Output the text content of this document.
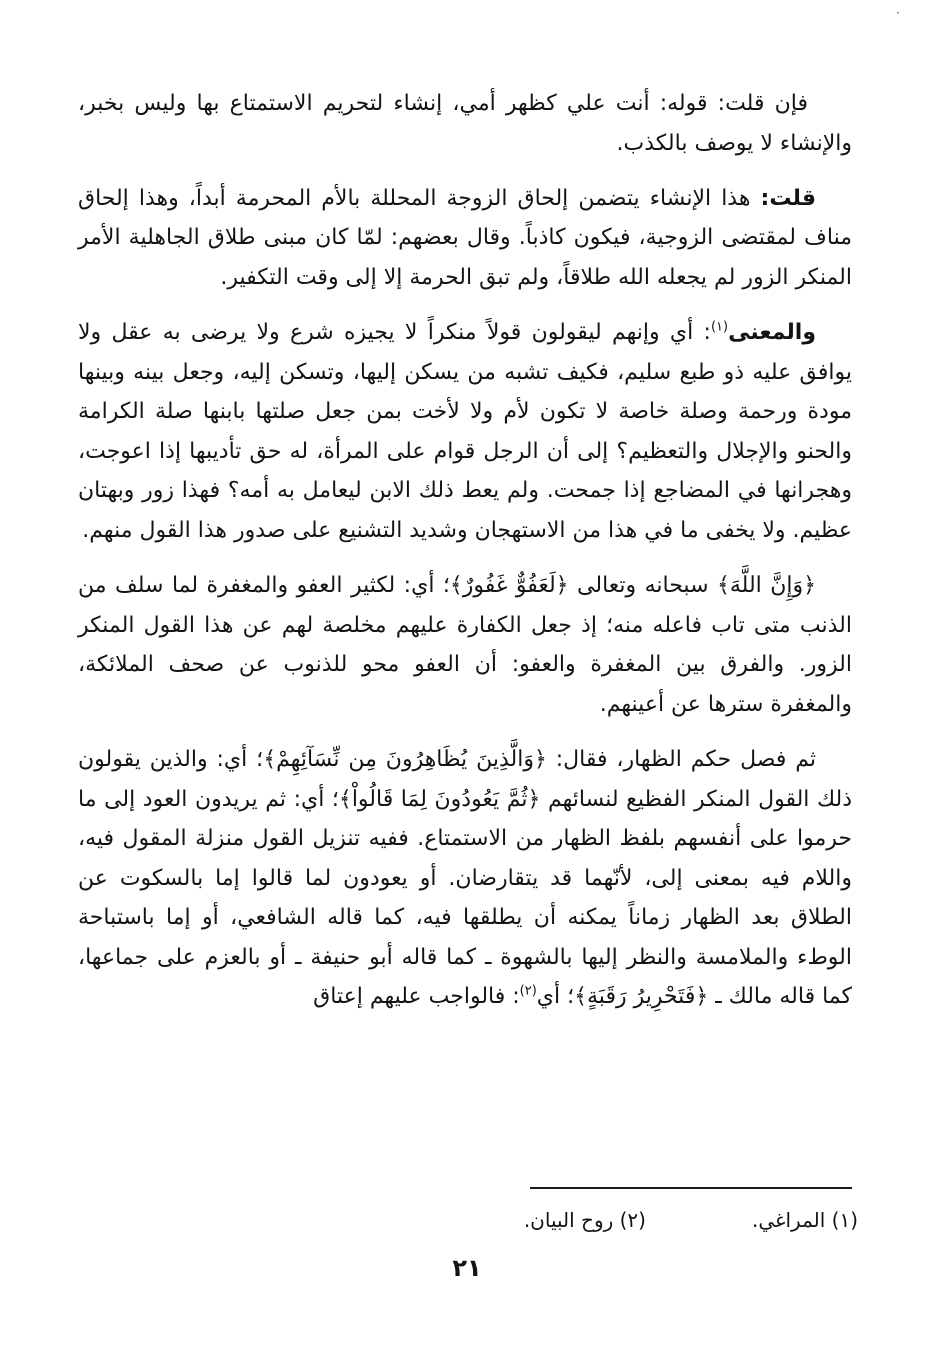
·

فإن قلت: قوله: أنت علي كظهر أمي، إنشاء لتحريم الاستمتاع بها وليس بخبر، والإنشاء لا يوصف بالكذب.

قلت: هذا الإنشاء يتضمن إلحاق الزوجة المحللة بالأم المحرمة أبداً، وهذا إلحاق مناف لمقتضى الزوجية، فيكون كاذباً. وقال بعضهم: لمّا كان مبنى طلاق الجاهلية الأمر المنكر الزور لم يجعله الله طلاقاً، ولم تبق الحرمة إلا إلى وقت التكفير.

والمعنى$^{(١)}$: أي وإنهم ليقولون قولاً منكراً لا يجيزه شرع ولا يرضى به عقل ولا يوافق عليه ذو طبع سليم، فكيف تشبه من يسكن إليها، وتسكن إليه، وجعل بينه وبينها مودة ورحمة وصلة خاصة لا تكون لأم ولا لأخت بمن جعل صلتها بابنها صلة الكرامة والحنو والإجلال والتعظيم؟ إلى أن الرجل قوام على المرأة، له حق تأديبها إذا اعوجت، وهجرانها في المضاجع إذا جمحت. ولم يعط ذلك الابن ليعامل به أمه؟ فهذا زور وبهتان عظيم. ولا يخفى ما في هذا من الاستهجان وشديد التشنيع على صدور هذا القول منهم.

﴿وَإِنَّ اللَّهَ﴾ سبحانه وتعالى ﴿لَعَفُوٌّ غَفُورٌ﴾؛ أي: لكثير العفو والمغفرة لما سلف من الذنب متى تاب فاعله منه؛ إذ جعل الكفارة عليهم مخلصة لهم عن هذا القول المنكر الزور. والفرق بين المغفرة والعفو: أن العفو محو للذنوب عن صحف الملائكة، والمغفرة سترها عن أعينهم.

ثم فصل حكم الظهار، فقال: ﴿وَالَّذِينَ يُظَاهِرُونَ مِن نِّسَآئِهِمْ﴾؛ أي: والذين يقولون ذلك القول المنكر الفظيع لنسائهم ﴿ثُمَّ يَعُودُونَ لِمَا قَالُواْ﴾؛ أي: ثم يريدون العود إلى ما حرموا على أنفسهم بلفظ الظهار من الاستمتاع. ففيه تنزيل القول منزلة المقول فيه، واللام فيه بمعنى إلى، لأنّهما قد يتقارضان. أو يعودون لما قالوا إما بالسكوت عن الطلاق بعد الظهار زماناً يمكنه أن يطلقها فيه، كما قاله الشافعي، أو إما باستباحة الوطء والملامسة والنظر إليها بالشهوة ـ كما قاله أبو حنيفة ـ أو بالعزم على جماعها، كما قاله مالك ـ ﴿فَتَحْرِيرُ رَقَبَةٍ﴾؛ أي$^{(٢)}$: فالواجب عليهم إعتاق

(١) المراغي.(٢) روح البيان.
٢١
